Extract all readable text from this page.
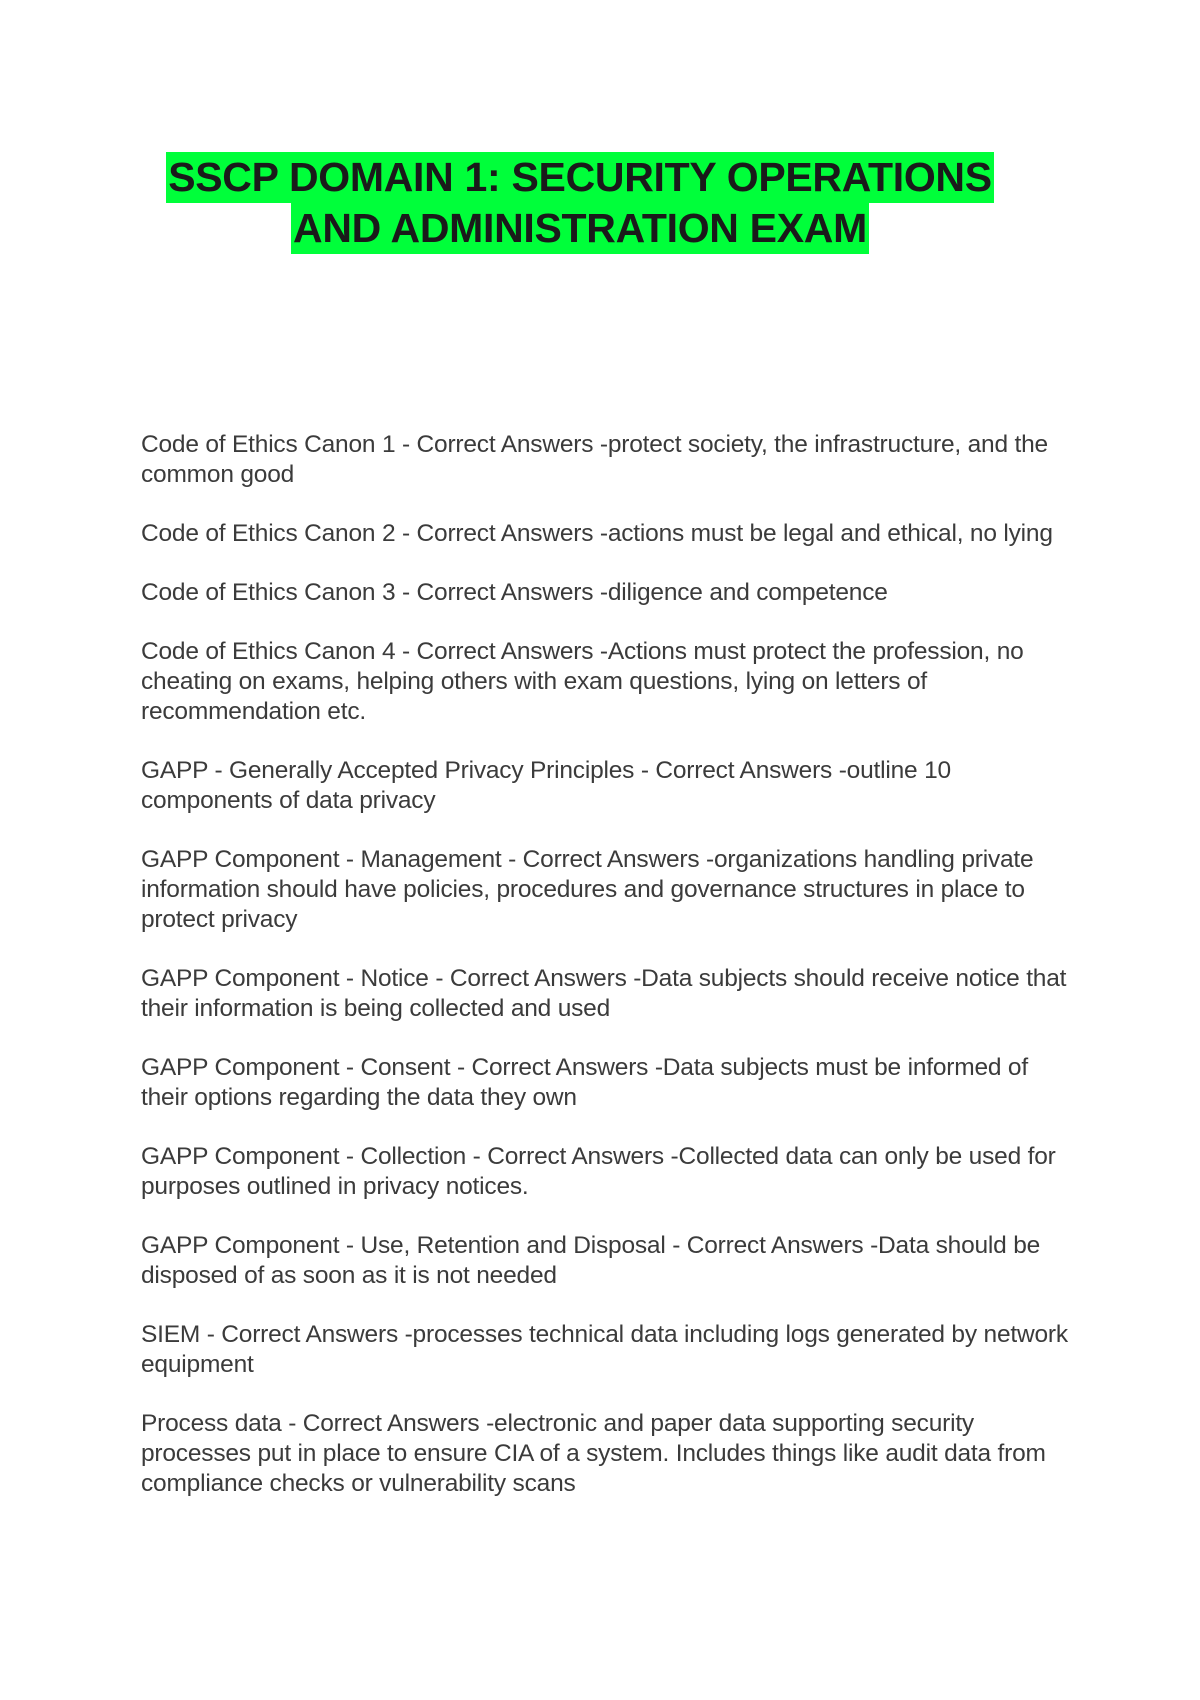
SSCP DOMAIN 1: SECURITY OPERATIONS
AND ADMINISTRATION EXAM
Code of Ethics Canon 1 - Correct Answers -protect society, the infrastructure, and the common good
Code of Ethics Canon 2 - Correct Answers -actions must be legal and ethical, no lying
Code of Ethics Canon 3 - Correct Answers -diligence and competence
Code of Ethics Canon 4 - Correct Answers -Actions must protect the profession, no cheating on exams, helping others with exam questions, lying on letters of recommendation etc.
GAPP - Generally Accepted Privacy Principles - Correct Answers -outline 10 components of data privacy
GAPP Component - Management - Correct Answers -organizations handling private information should have policies, procedures and governance structures in place to protect privacy
GAPP Component - Notice - Correct Answers -Data subjects should receive notice that their information is being collected and used
GAPP Component - Consent - Correct Answers -Data subjects must be informed of their options regarding the data they own
GAPP Component - Collection - Correct Answers -Collected data can only be used for purposes outlined in privacy notices.
GAPP Component - Use, Retention and Disposal - Correct Answers -Data should be disposed of as soon as it is not needed
SIEM - Correct Answers -processes technical data including logs generated by network equipment
Process data - Correct Answers -electronic and paper data supporting security processes put in place to ensure CIA of a system. Includes things like audit data from compliance checks or vulnerability scans
